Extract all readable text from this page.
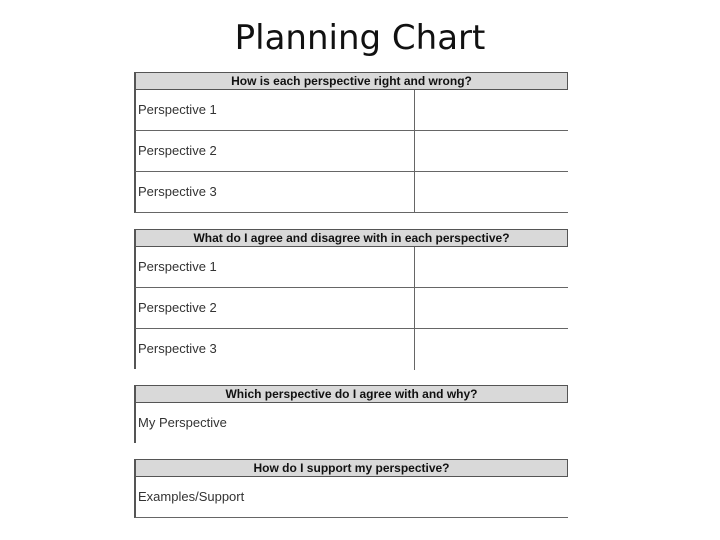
Planning Chart
How is each perspective right and wrong?
Perspective 1
Perspective 2
Perspective 3
What do I agree and disagree with in each perspective?
Perspective 1
Perspective 2
Perspective 3
Which perspective do I agree with and why?
My Perspective
How do I support my perspective?
Examples/Support
